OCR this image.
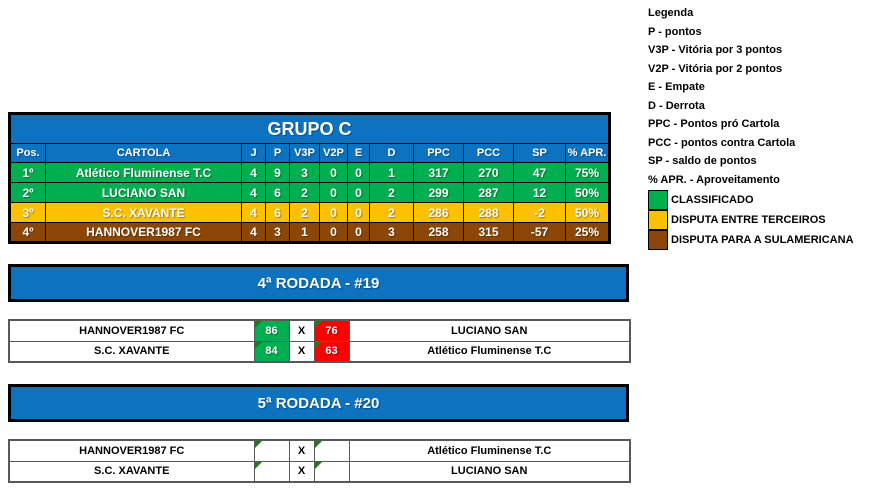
Legenda
P - pontos
V3P - Vitória por 3 pontos
V2P - Vitória por 2 pontos
E - Empate
D - Derrota
PPC - Pontos pró Cartola
PCC - pontos contra Cartola
SP - saldo de pontos
% APR. - Aproveitamento
CLASSIFICADO
DISPUTA ENTRE TERCEIROS
DISPUTA PARA A SULAMERICANA
GRUPO C											
Pos.	CARTOLA	J	P	V3P	V2P	E	D	PPC	PCC	SP	% APR.
1º	Atlético Fluminense T.C	4	9	3	0	0	1	317	270	47	75%
2º	LUCIANO SAN	4	6	2	0	0	2	299	287	12	50%
3º	S.C. XAVANTE	4	6	2	0	0	2	286	288	-2	50%
4º	HANNOVER1987 FC	4	3	1	0	0	3	258	315	-57	25%
4ª RODADA - #19
HANNOVER1987 FC	86	X	76	LUCIANO SAN
S.C. XAVANTE	84	X	63	Atlético Fluminense T.C
5ª RODADA - #20
HANNOVER1987 FC		X		Atlético Fluminense T.C
S.C. XAVANTE		X		LUCIANO SAN
